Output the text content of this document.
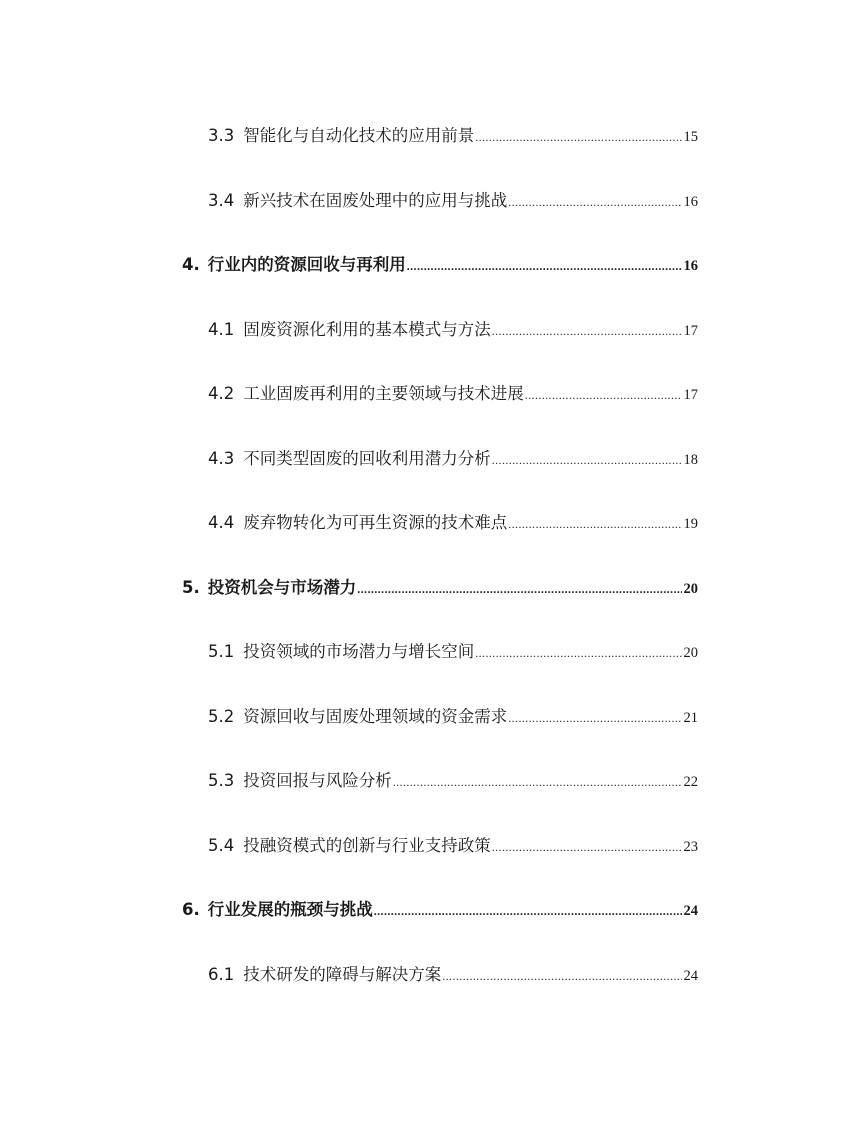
3.3 智能化与自动化技术的应用前景 .....	15
3.4 新兴技术在固废处理中的应用与挑战 .....	16
4. 行业内的资源回收与再利用 .....	16
4.1 固废资源化利用的基本模式与方法 .....	17
4.2 工业固废再利用的主要领域与技术进展 .....	17
4.3 不同类型固废的回收利用潜力分析 .....	18
4.4 废弃物转化为可再生资源的技术难点 .....	19
5. 投资机会与市场潜力 .....	20
5.1 投资领域的市场潜力与增长空间 .....	20
5.2 资源回收与固废处理领域的资金需求 .....	21
5.3 投资回报与风险分析 .....	22
5.4 投融资模式的创新与行业支持政策 .....	23
6. 行业发展的瓶颈与挑战 .....	24
6.1 技术研发的障碍与解决方案 .....	24
